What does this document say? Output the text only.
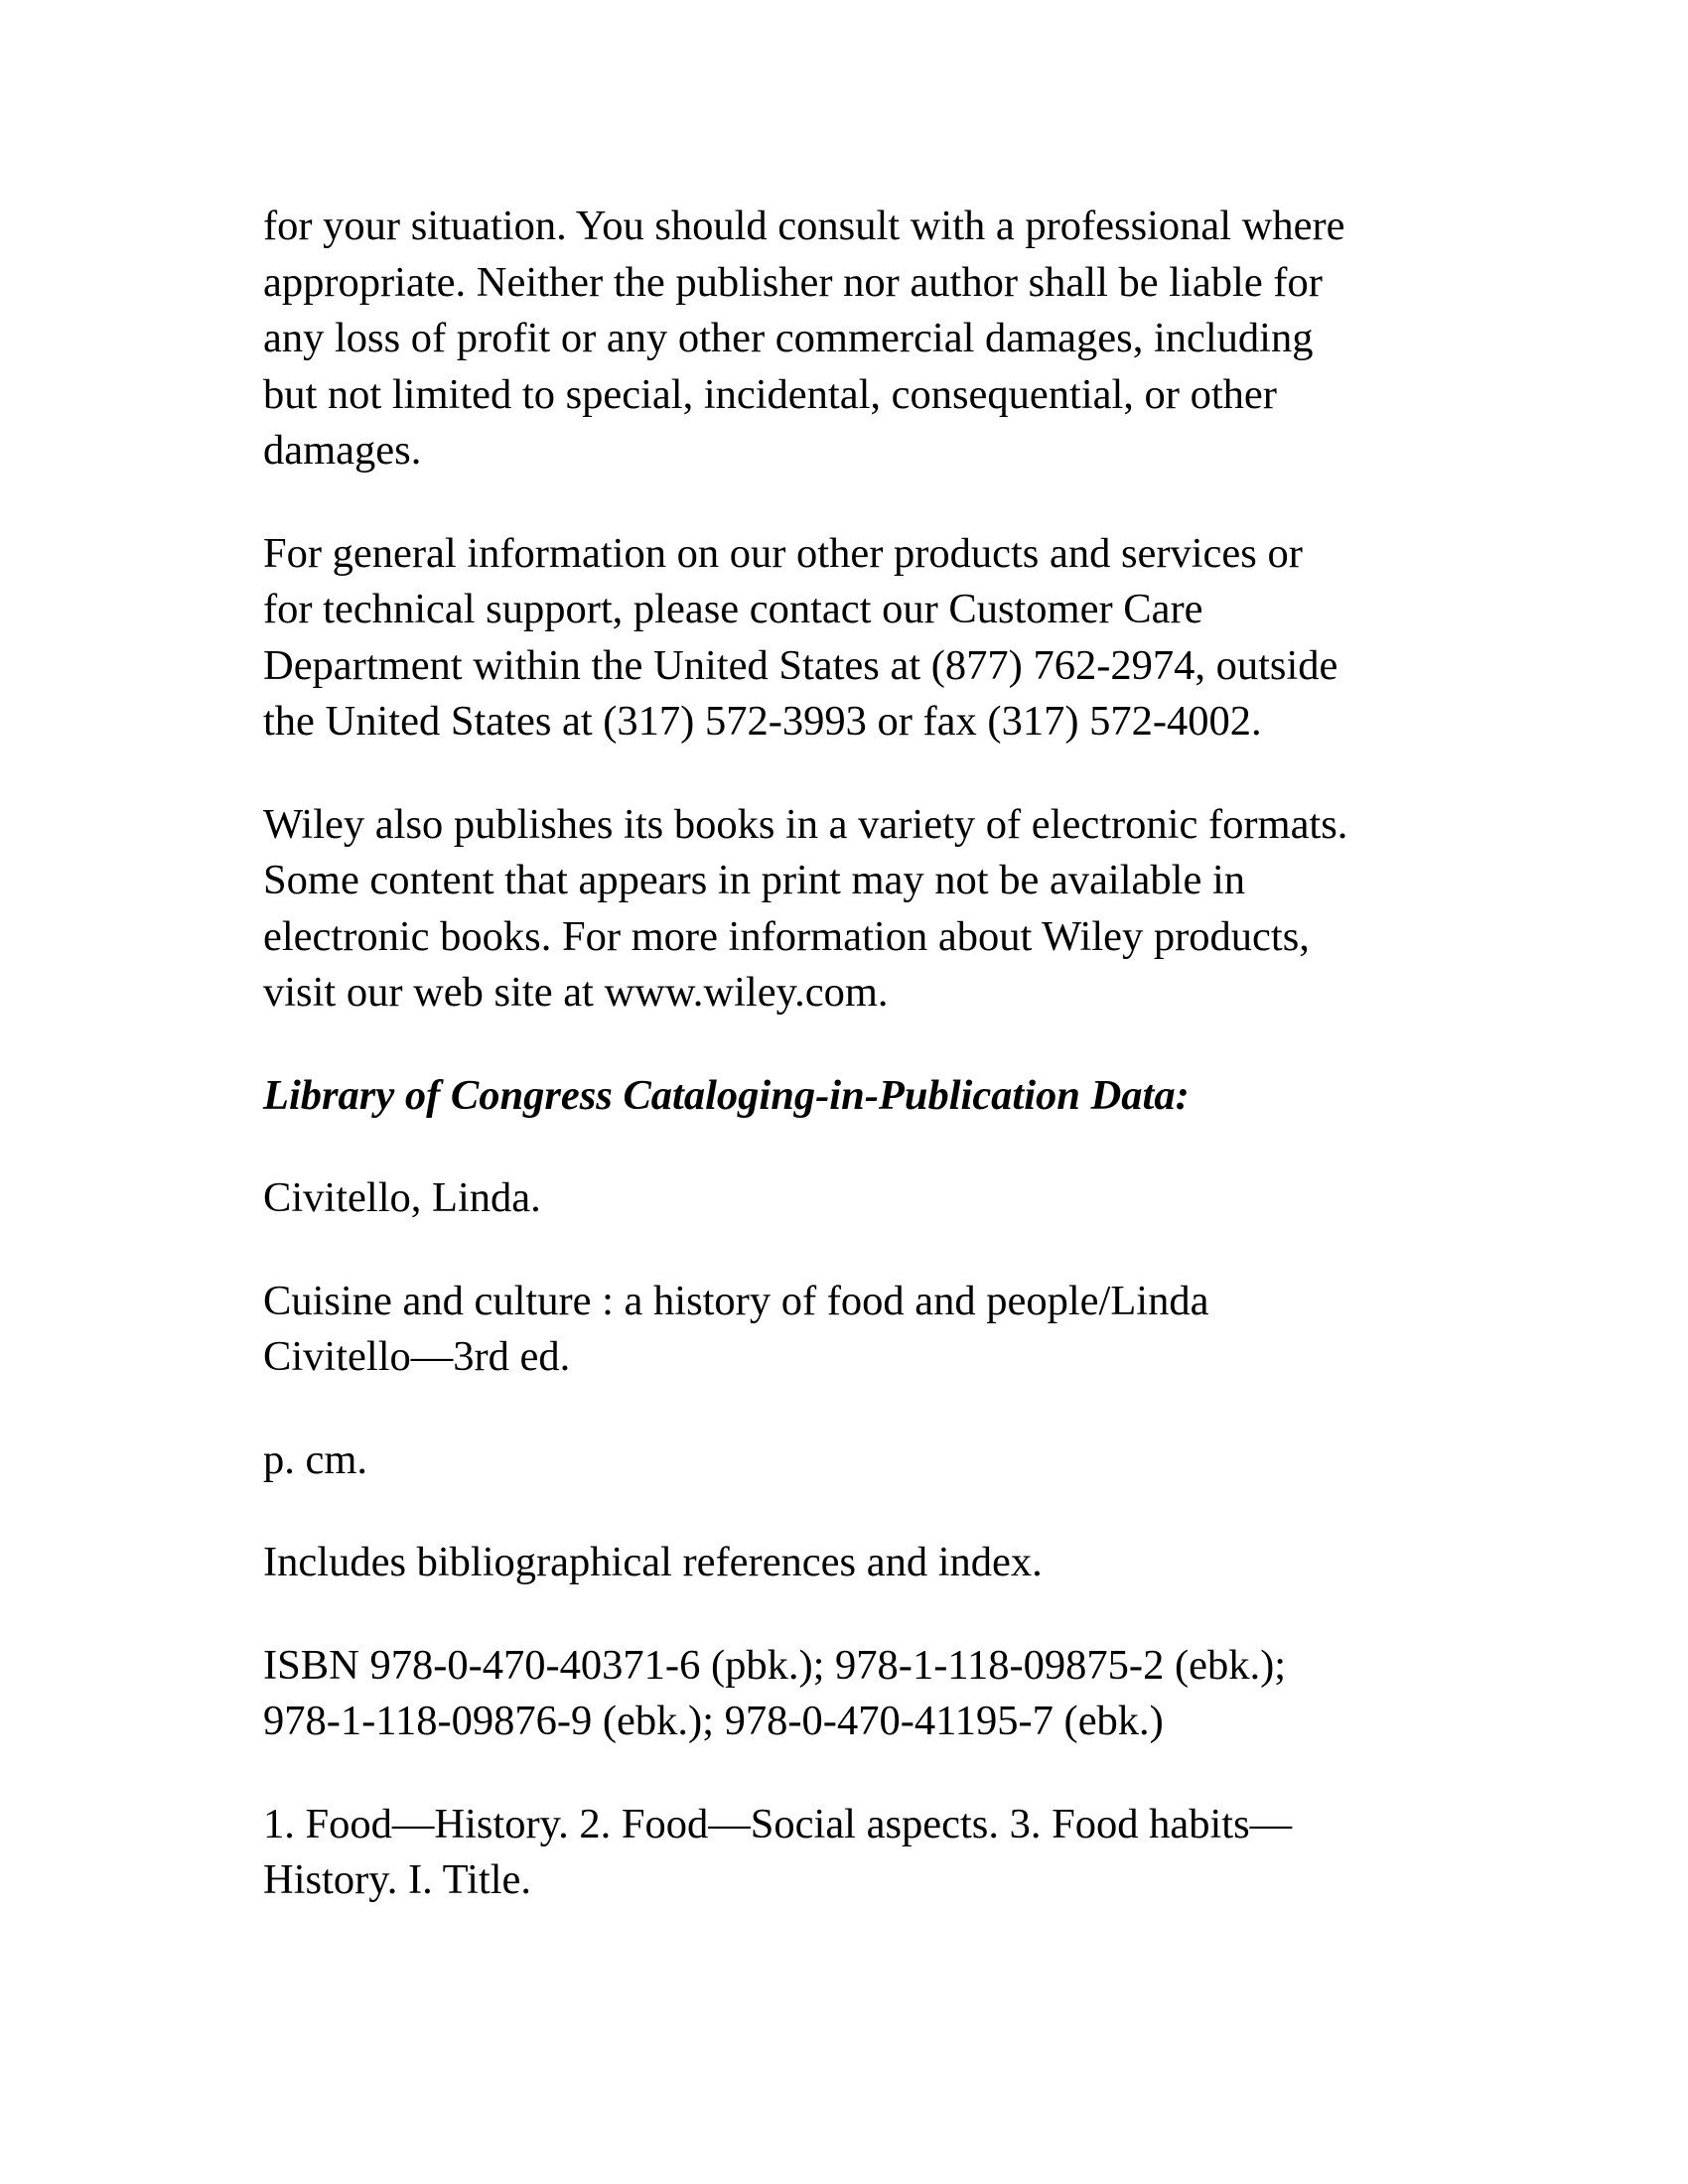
for your situation. You should consult with a professional where
appropriate. Neither the publisher nor author shall be liable for
any loss of profit or any other commercial damages, including
but not limited to special, incidental, consequential, or other
damages.

For general information on our other products and services or
for technical support, please contact our Customer Care
Department within the United States at (877) 762-2974, outside
the United States at (317) 572-3993 or fax (317) 572-4002.

Wiley also publishes its books in a variety of electronic formats.
Some content that appears in print may not be available in
electronic books. For more information about Wiley products,
visit our web site at www.wiley.com.

Library of Congress Cataloging-in-Publication Data:

Civitello, Linda.

Cuisine and culture : a history of food and people/Linda
Civitello—3rd ed.

p. cm.

Includes bibliographical references and index.

ISBN 978-0-470-40371-6 (pbk.); 978-1-118-09875-2 (ebk.);
978-1-118-09876-9 (ebk.); 978-0-470-41195-7 (ebk.)

1. Food—History. 2. Food—Social aspects. 3. Food habits—
History. I. Title.
